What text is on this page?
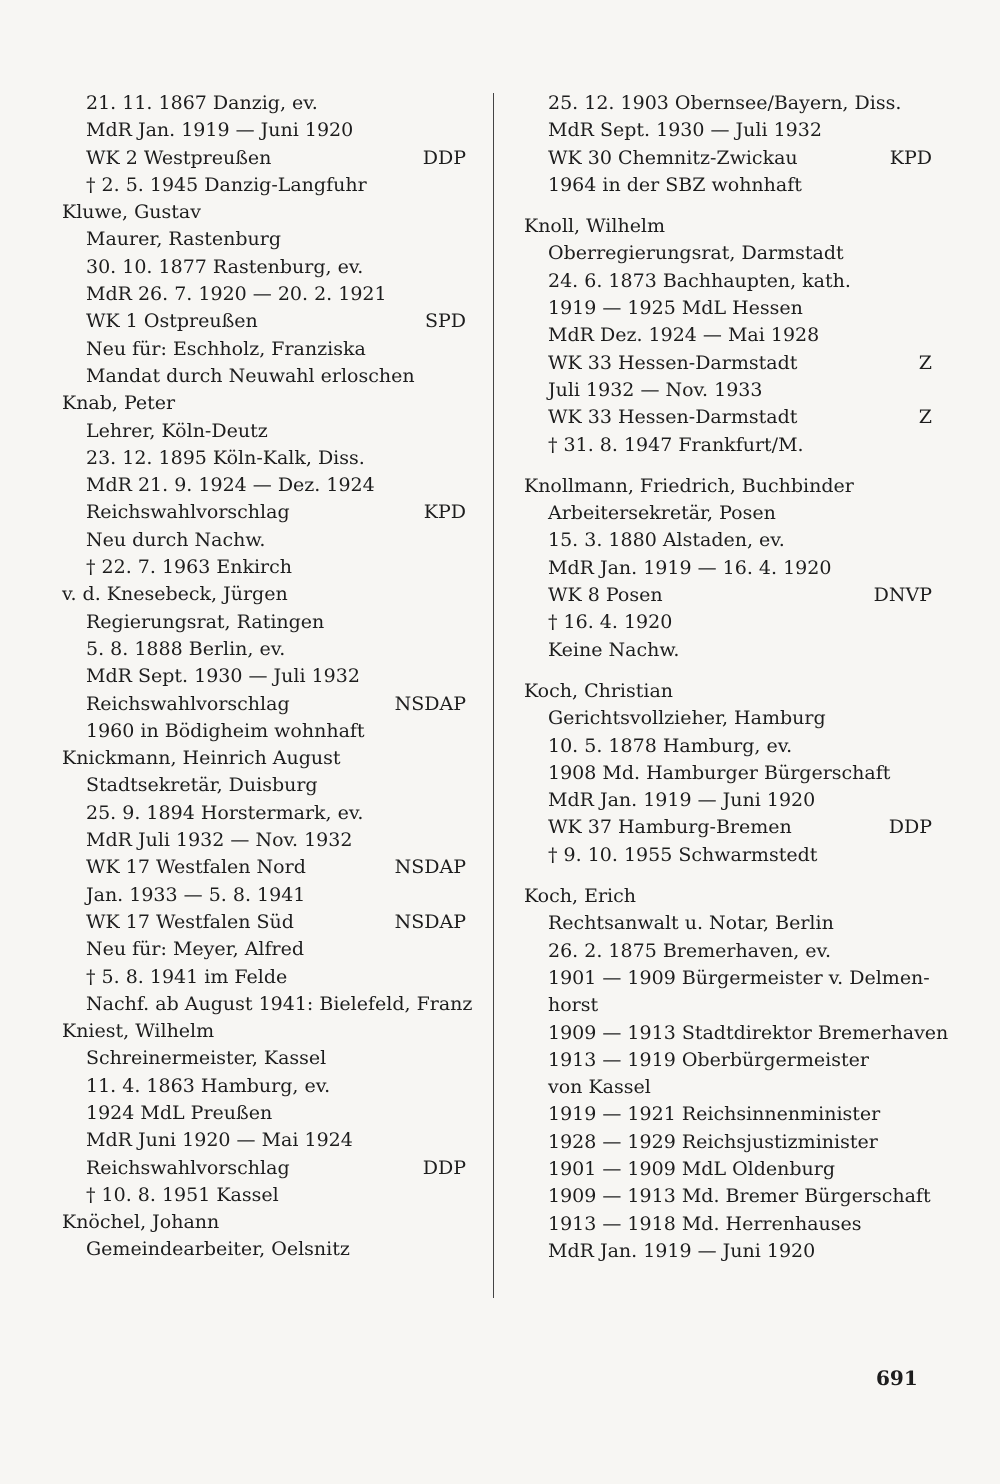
21. 11. 1867 Danzig, ev.
MdR Jan. 1919 — Juni 1920
WK 2 Westpreußen	DDP
† 2. 5. 1945 Danzig-Langfuhr
Kluwe, Gustav
Maurer, Rastenburg
30. 10. 1877 Rastenburg, ev.
MdR 26. 7. 1920 — 20. 2. 1921
WK 1 Ostpreußen	SPD
Neu für: Eschholz, Franziska
Mandat durch Neuwahl erloschen
Knab, Peter
Lehrer, Köln-Deutz
23. 12. 1895 Köln-Kalk, Diss.
MdR 21. 9. 1924 — Dez. 1924
Reichswahlvorschlag	KPD
Neu durch Nachw.
† 22. 7. 1963 Enkirch
v. d. Knesebeck, Jürgen
Regierungsrat, Ratingen
5. 8. 1888 Berlin, ev.
MdR Sept. 1930 — Juli 1932
Reichswahlvorschlag	NSDAP
1960 in Bödigheim wohnhaft
Knickmann, Heinrich August
Stadtsekretär, Duisburg
25. 9. 1894 Horstermark, ev.
MdR Juli 1932 — Nov. 1932
WK 17 Westfalen Nord	NSDAP
Jan. 1933 — 5. 8. 1941
WK 17 Westfalen Süd	NSDAP
Neu für: Meyer, Alfred
† 5. 8. 1941 im Felde
Nachf. ab August 1941: Bielefeld, Franz
Kniest, Wilhelm
Schreinermeister, Kassel
11. 4. 1863 Hamburg, ev.
1924 MdL Preußen
MdR Juni 1920 — Mai 1924
Reichswahlvorschlag	DDP
† 10. 8. 1951 Kassel
Knöchel, Johann
Gemeindearbeiter, Oelsnitz
25. 12. 1903 Obernsee/Bayern, Diss.
MdR Sept. 1930 — Juli 1932
WK 30 Chemnitz-Zwickau	KPD
1964 in der SBZ wohnhaft
Knoll, Wilhelm
Oberregierungsrat, Darmstadt
24. 6. 1873 Bachhaupten, kath.
1919 — 1925 MdL Hessen
MdR Dez. 1924 — Mai 1928
WK 33 Hessen-Darmstadt	Z
Juli 1932 — Nov. 1933
WK 33 Hessen-Darmstadt	Z
† 31. 8. 1947 Frankfurt/M.
Knollmann, Friedrich, Buchbinder
Arbeitersekretär, Posen
15. 3. 1880 Alstaden, ev.
MdR Jan. 1919 — 16. 4. 1920
WK 8 Posen	DNVP
† 16. 4. 1920
Keine Nachw.
Koch, Christian
Gerichtsvollzieher, Hamburg
10. 5. 1878 Hamburg, ev.
1908 Md. Hamburger Bürgerschaft
MdR Jan. 1919 — Juni 1920
WK 37 Hamburg-Bremen	DDP
† 9. 10. 1955 Schwarmstedt
Koch, Erich
Rechtsanwalt u. Notar, Berlin
26. 2. 1875 Bremerhaven, ev.
1901 — 1909 Bürgermeister v. Delmen-
horst
1909 — 1913 Stadtdirektor Bremerhaven
1913 — 1919 Oberbürgermeister
von Kassel
1919 — 1921 Reichsinnenminister
1928 — 1929 Reichsjustizminister
1901 — 1909 MdL Oldenburg
1909 — 1913 Md. Bremer Bürgerschaft
1913 — 1918 Md. Herrenhauses
MdR Jan. 1919 — Juni 1920
691
